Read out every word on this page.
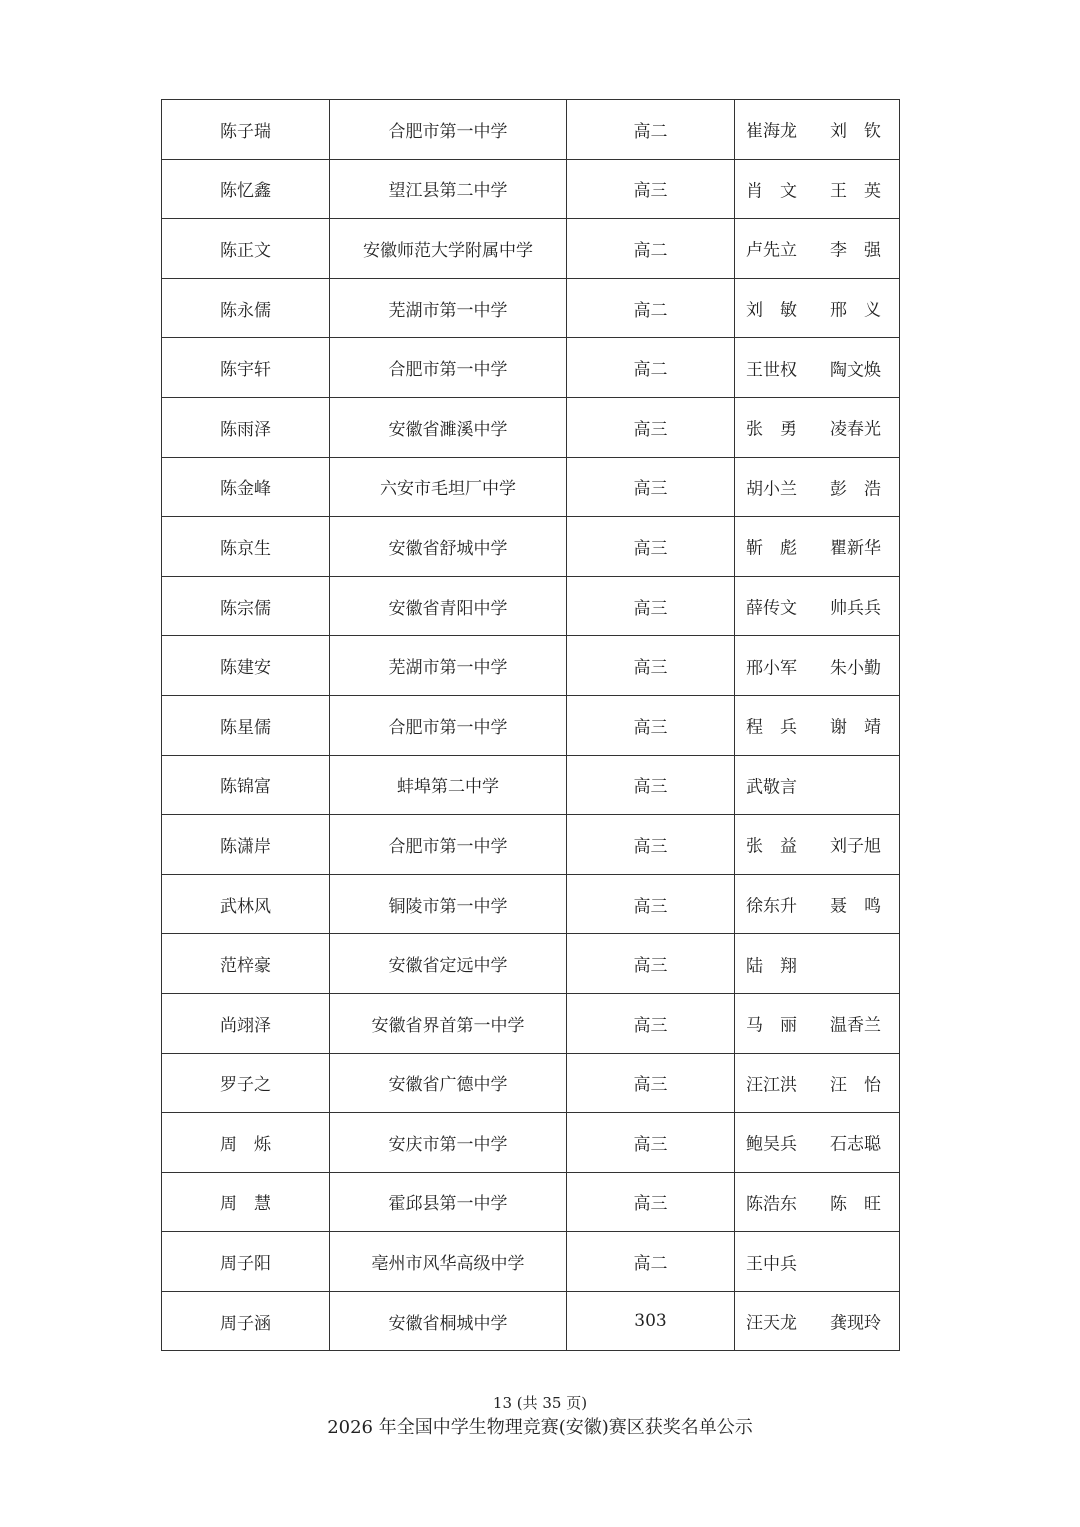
陈子瑞	合肥市第一中学	高二	崔海龙 刘　钦

陈忆鑫	望江县第二中学	高三	肖　文 王　英

陈正文	安徽师范大学附属中学	高二	卢先立 李　强

陈永儒	芜湖市第一中学	高二	刘　敏 邢　义

陈宇轩	合肥市第一中学	高二	王世权 陶文焕

陈雨泽	安徽省濉溪中学	高三	张　勇 凌春光

陈金峰	六安市毛坦厂中学	高三	胡小兰 彭　浩

陈京生	安徽省舒城中学	高三	靳　彪 瞿新华

陈宗儒	安徽省青阳中学	高三	薛传文 帅兵兵

陈建安	芜湖市第一中学	高三	邢小军 朱小勤

陈星儒	合肥市第一中学	高三	程　兵 谢　靖

陈锦富	蚌埠第二中学	高三	武敬言

陈潇岸	合肥市第一中学	高三	张　益 刘子旭

武林风	铜陵市第一中学	高三	徐东升 聂　鸣

范梓豪	安徽省定远中学	高三	陆　翔

尚翊泽	安徽省界首第一中学	高三	马　丽 温香兰

罗子之	安徽省广德中学	高三	汪江洪 汪　怡

周　烁	安庆市第一中学	高三	鲍吴兵 石志聪

周　慧	霍邱县第一中学	高三	陈浩东 陈　旺

周子阳	亳州市风华高级中学	高二	王中兵

周子涵	安徽省桐城中学	303	汪天龙 龚现玲
13 (共 35 页)
2026 年全国中学生物理竞赛(安徽)赛区获奖名单公示
